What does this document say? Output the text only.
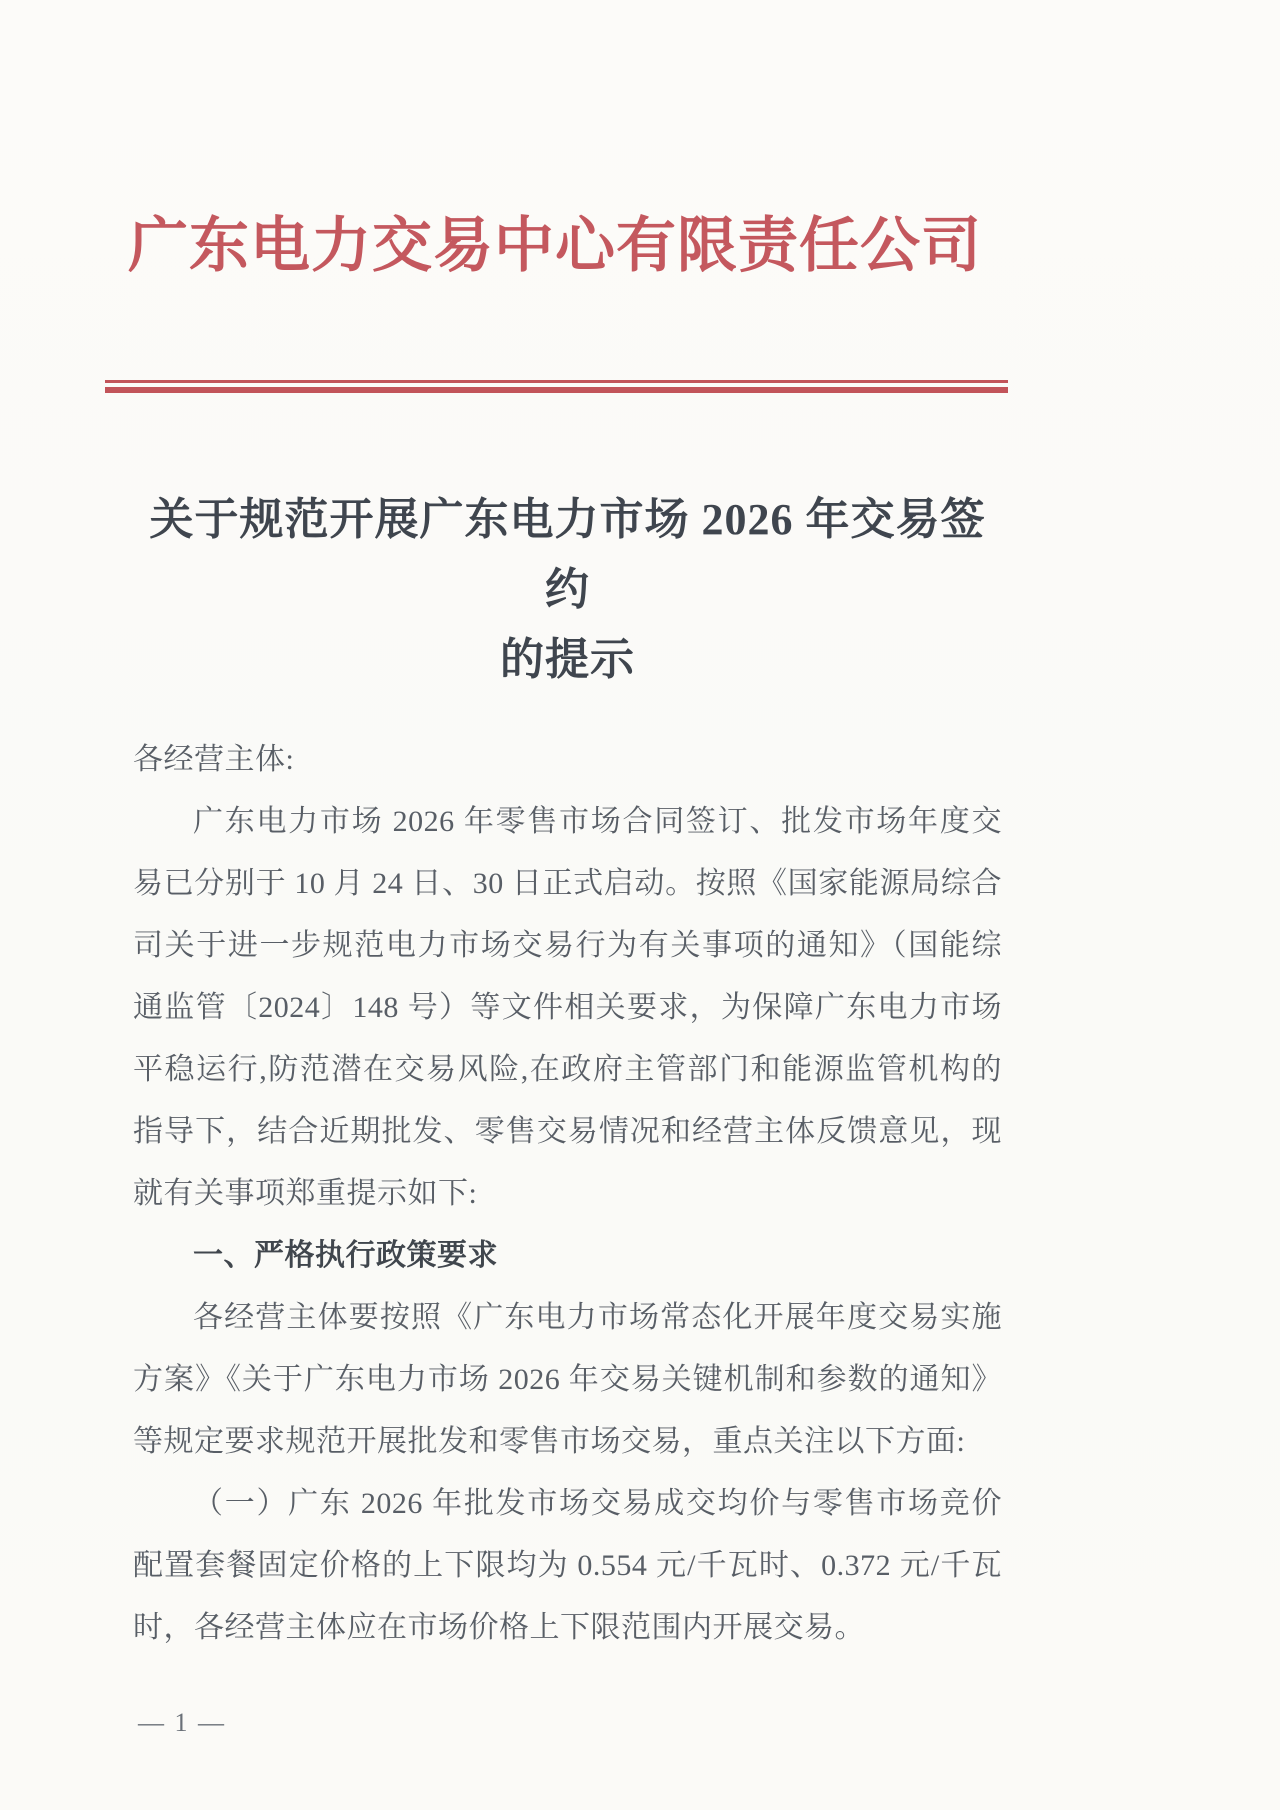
广东电力交易中心有限责任公司
关于规范开展广东电力市场 2026 年交易签约
的提示

各经营主体:

广东电力市场 2026 年零售市场合同签订、批发市场年度交易已分别于 10 月 24 日、30 日正式启动。按照《国家能源局综合司关于进一步规范电力市场交易行为有关事项的通知》（国能综通监管〔2024〕148 号）等文件相关要求，为保障广东电力市场平稳运行,防范潜在交易风险,在政府主管部门和能源监管机构的指导下，结合近期批发、零售交易情况和经营主体反馈意见，现就有关事项郑重提示如下:

一、严格执行政策要求

各经营主体要按照《广东电力市场常态化开展年度交易实施方案》《关于广东电力市场 2026 年交易关键机制和参数的通知》等规定要求规范开展批发和零售市场交易，重点关注以下方面:

（一）广东 2026 年批发市场交易成交均价与零售市场竞价配置套餐固定价格的上下限均为 0.554 元/千瓦时、0.372 元/千瓦时，各经营主体应在市场价格上下限范围内开展交易。

— 1 —
